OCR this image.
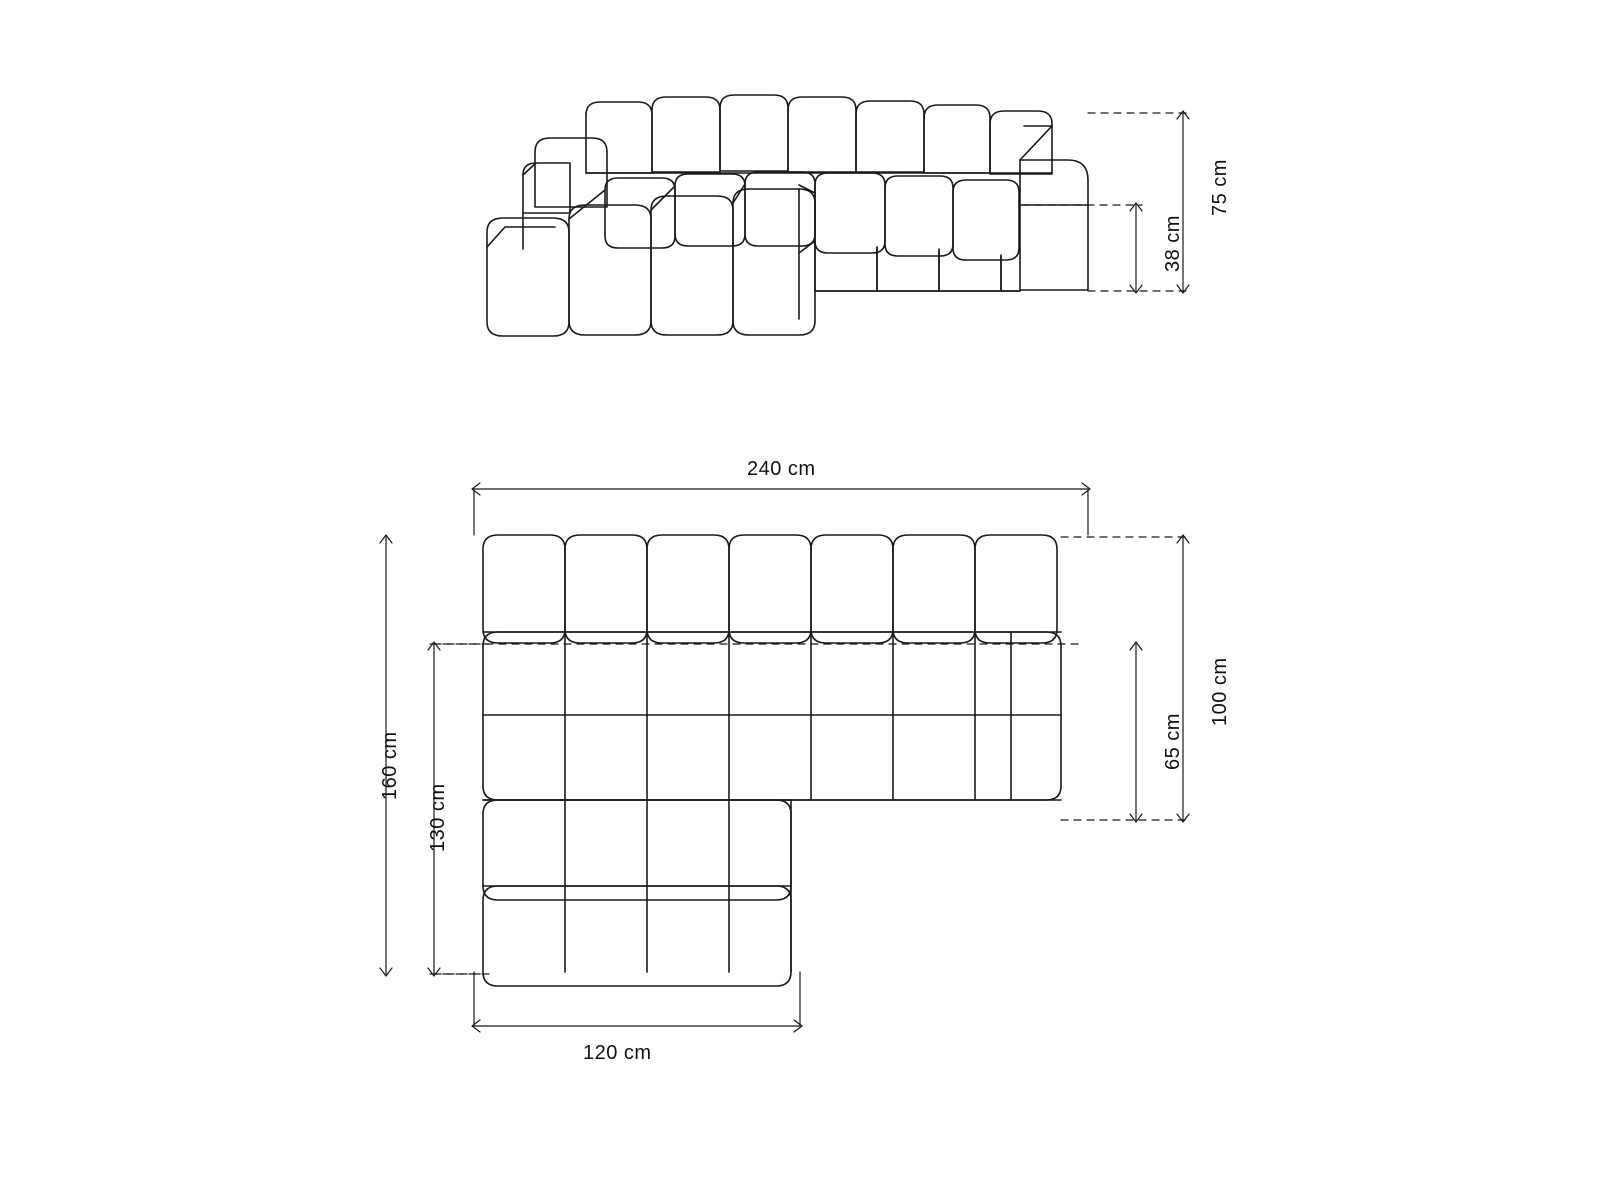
75 cm
38 cm
240 cm
160 cm
130 cm
100 cm
65 cm
120 cm
